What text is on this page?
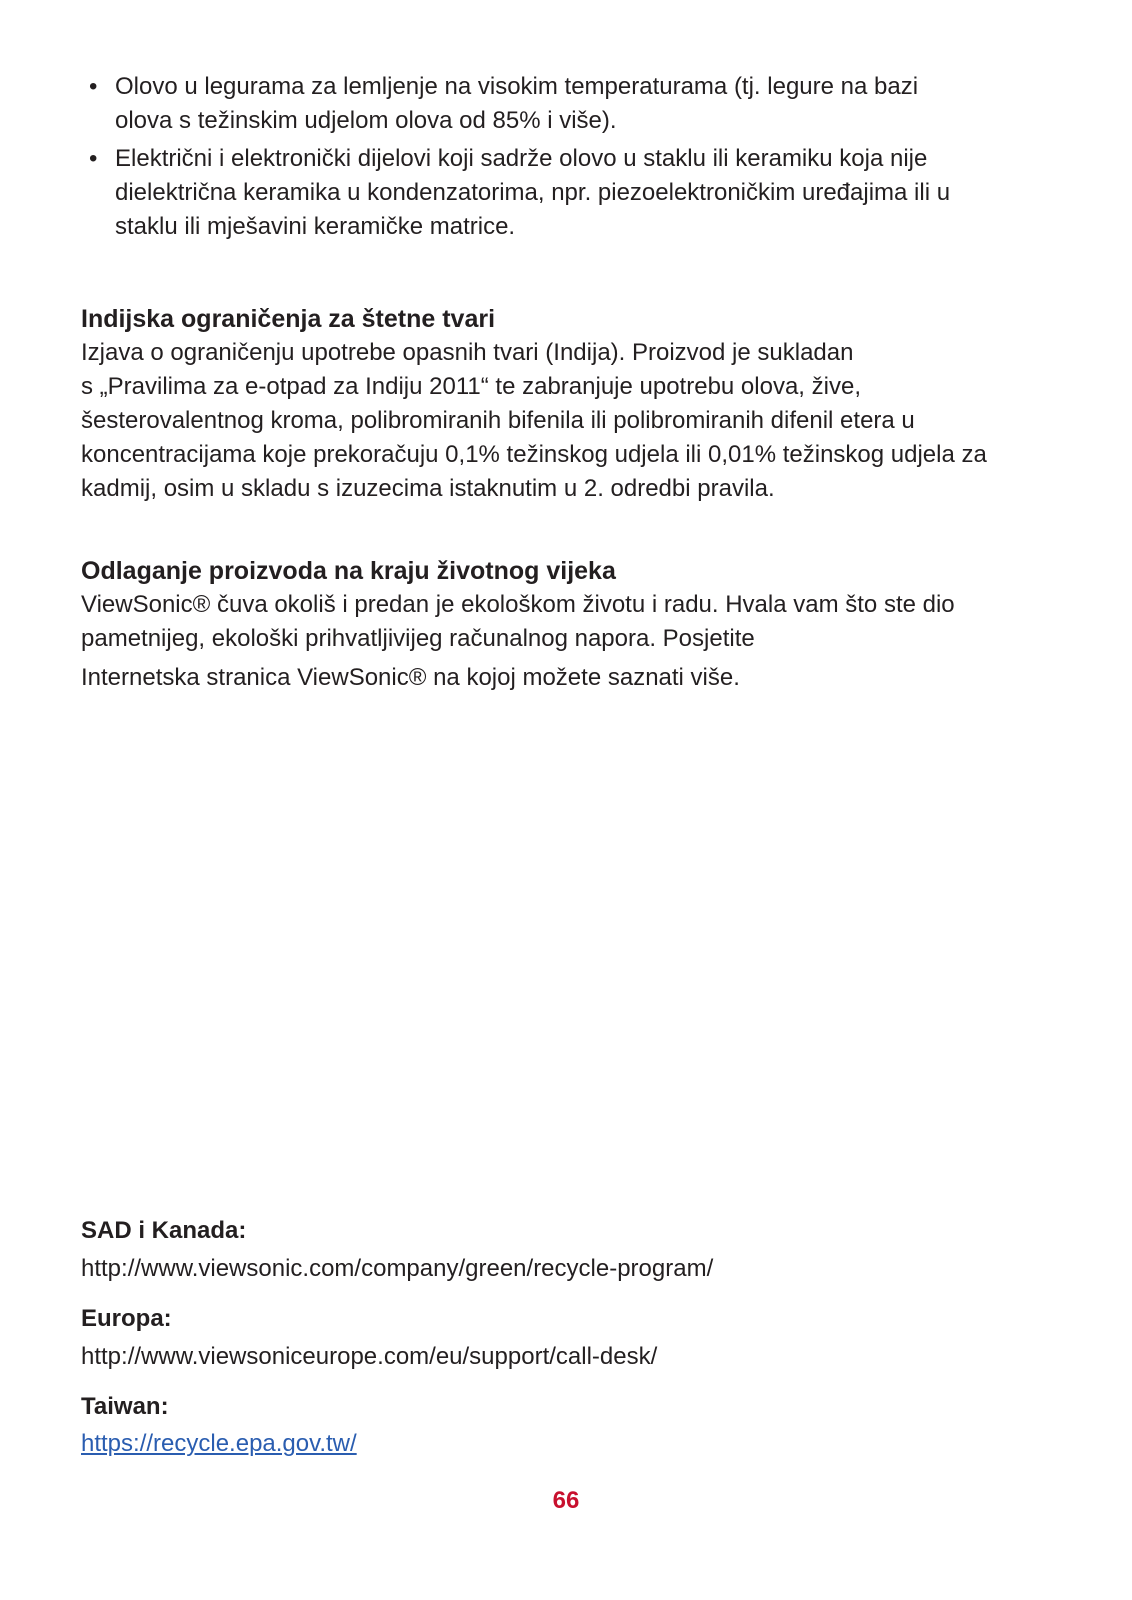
• Olovo u legurama za lemljenje na visokim temperaturama (tj. legure na bazi
olova s težinskim udjelom olova od 85% i više).
• Električni i elektronički dijelovi koji sadrže olovo u staklu ili keramiku koja nije
dielektrična keramika u kondenzatorima, npr. piezoelektroničkim uređajima ili u
staklu ili mješavini keramičke matrice.
Indijska ograničenja za štetne tvari

Izjava o ograničenju upotrebe opasnih tvari (Indija). Proizvod je sukladan
s „Pravilima za e-otpad za Indiju 2011“ te zabranjuje upotrebu olova, žive,
šesterovalentnog kroma, polibromiranih bifenila ili polibromiranih difenil etera u
koncentracijama koje prekoračuju 0,1% težinskog udjela ili 0,01% težinskog udjela za
kadmij, osim u skladu s izuzecima istaknutim u 2. odredbi pravila.

Odlaganje proizvoda na kraju životnog vijeka

ViewSonic® čuva okoliš i predan je ekološkom životu i radu. Hvala vam što ste dio
pametnijeg, ekološki prihvatljivijeg računalnog napora. Posjetite
Internetska stranica ViewSonic® na kojoj možete saznati više.

SAD i Kanada:

http://www.viewsonic.com/company/green/recycle-program/

Europa:

http://www.viewsoniceurope.com/eu/support/call-desk/

Taiwan:

https://recycle.epa.gov.tw/

66
